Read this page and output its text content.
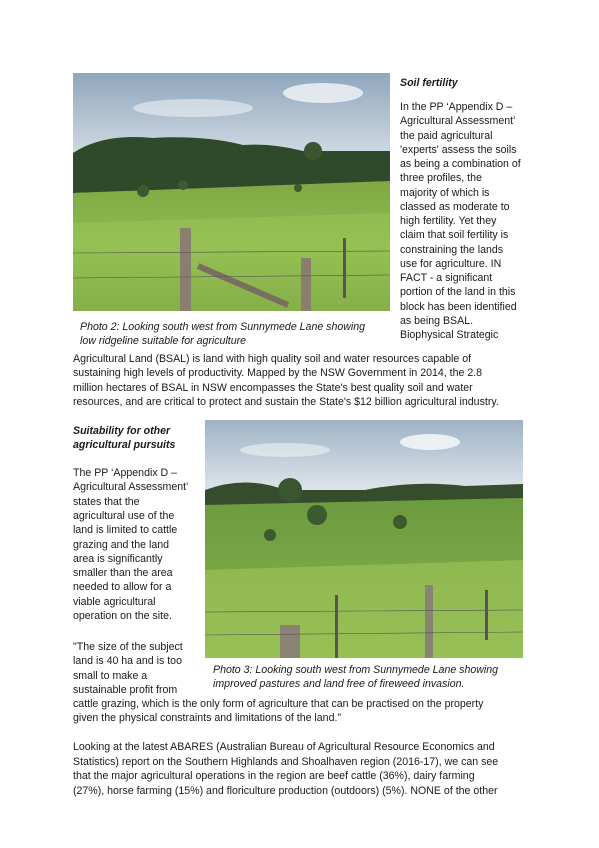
Soil fertility
In the PP ‘Appendix D –
Agricultural Assessment’
the paid agricultural
'experts' assess the soils
as being a combination of
three profiles, the
majority of which is
classed as moderate to
high fertility. Yet they
claim that soil fertility is
constraining the lands
use for agriculture. IN
FACT - a significant
portion of the land in this
block has been identified
as being BSAL.
Biophysical Strategic
Photo 2: Looking south west from Sunnymede Lane showing
low ridgeline suitable for agriculture
Agricultural Land (BSAL) is land with high quality soil and water resources capable of
sustaining high levels of productivity. Mapped by the NSW Government in 2014, the 2.8
million hectares of BSAL in NSW encompasses the State's best quality soil and water
resources, and are critical to protect and sustain the State's $12 billion agricultural industry.
Suitability for other
agricultural pursuits
The PP ‘Appendix D –
Agricultural Assessment’
states that the
agricultural use of the
land is limited to cattle
grazing and the land
area is significantly
smaller than the area
needed to allow for a
viable agricultural
operation on the site.
"The size of the subject
land is 40 ha and is too
small to make a
sustainable profit from
Photo 3: Looking south west from Sunnymede Lane showing
improved pastures and land free of fireweed invasion.
cattle grazing, which is the only form of agriculture that can be practised on the property
given the physical constraints and limitations of the land."
Looking at the latest ABARES (Australian Bureau of Agricultural Resource Economics and
Statistics) report on the Southern Highlands and Shoalhaven region (2016-17), we can see
that the major agricultural operations in the region are beef cattle (36%), dairy farming
(27%), horse farming (15%) and floriculture production (outdoors) (5%). NONE of the other
